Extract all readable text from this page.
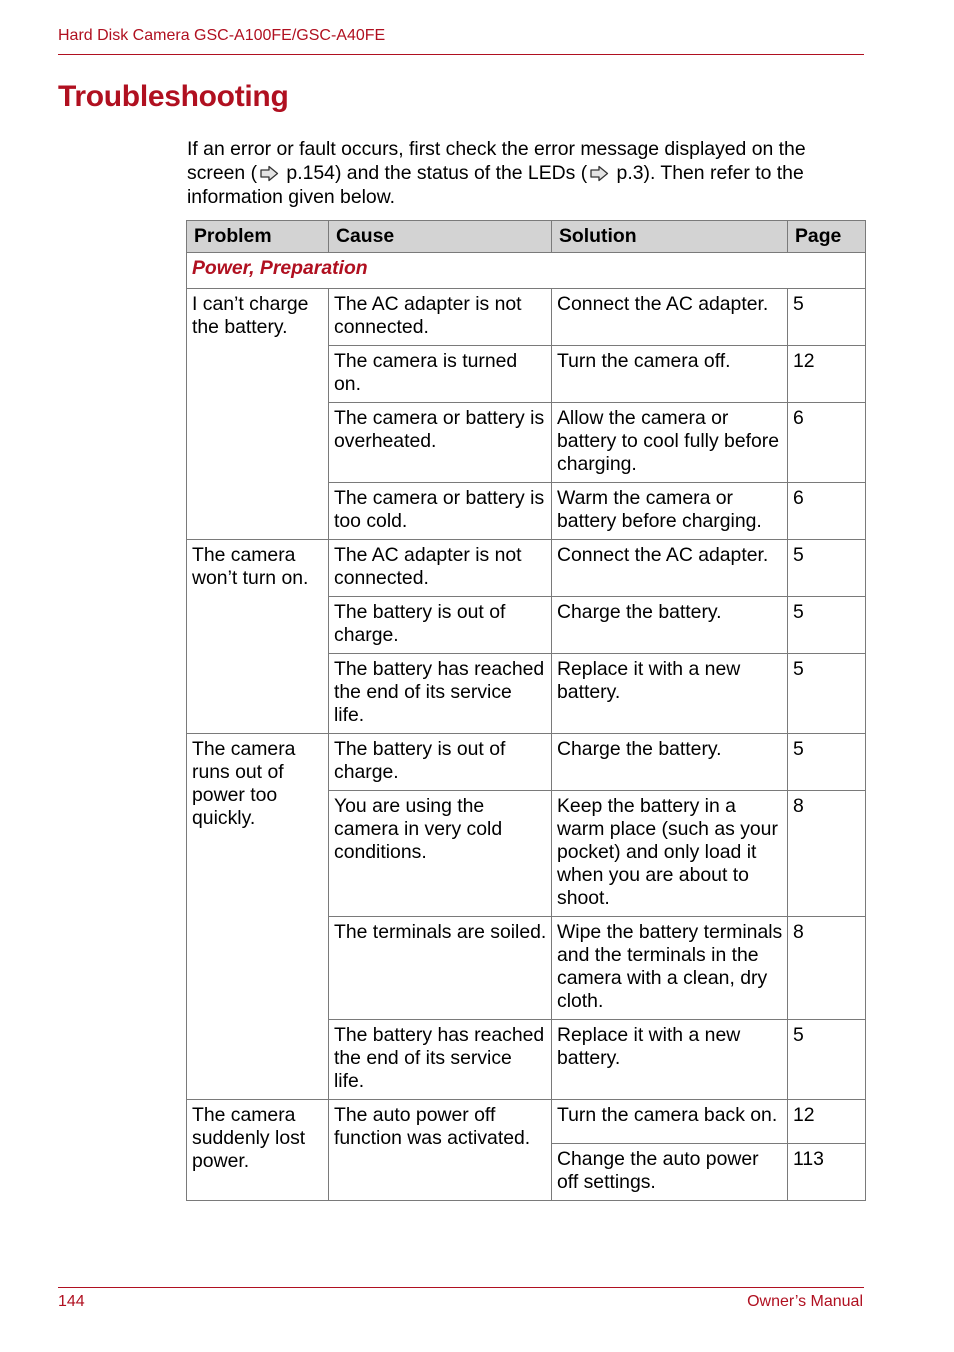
Hard Disk Camera GSC-A100FE/GSC-A40FE
Troubleshooting

If an error or fault occurs, first check the error message displayed on the screen ( p.154) and the status of the LEDs ( p.3). Then refer to the information given below.

Problem	Cause	Solution	Page
Power, Preparation			
I can’t charge the battery.	The AC adapter is not connected.	Connect the AC adapter.	5
	The camera is turned on.	Turn the camera off.	12
	The camera or battery is overheated.	Allow the camera or battery to cool fully before charging.	6
	The camera or battery is too cold.	Warm the camera or battery before charging.	6
The camera won’t turn on.	The AC adapter is not connected.	Connect the AC adapter.	5
	The battery is out of charge.	Charge the battery.	5
	The battery has reached the end of its service life.	Replace it with a new battery.	5
The camera runs out of power too quickly.	The battery is out of charge.	Charge the battery.	5
	You are using the camera in very cold conditions.	Keep the battery in a warm place (such as your pocket) and only load it when you are about to shoot.	8
	The terminals are soiled.	Wipe the battery terminals and the terminals in the camera with a clean, dry cloth.	8
	The battery has reached the end of its service life.	Replace it with a new battery.	5
The camera suddenly lost power.	The auto power off function was activated.	Turn the camera back on.	12
		Change the auto power off settings.	113
144	Owner’s Manual
